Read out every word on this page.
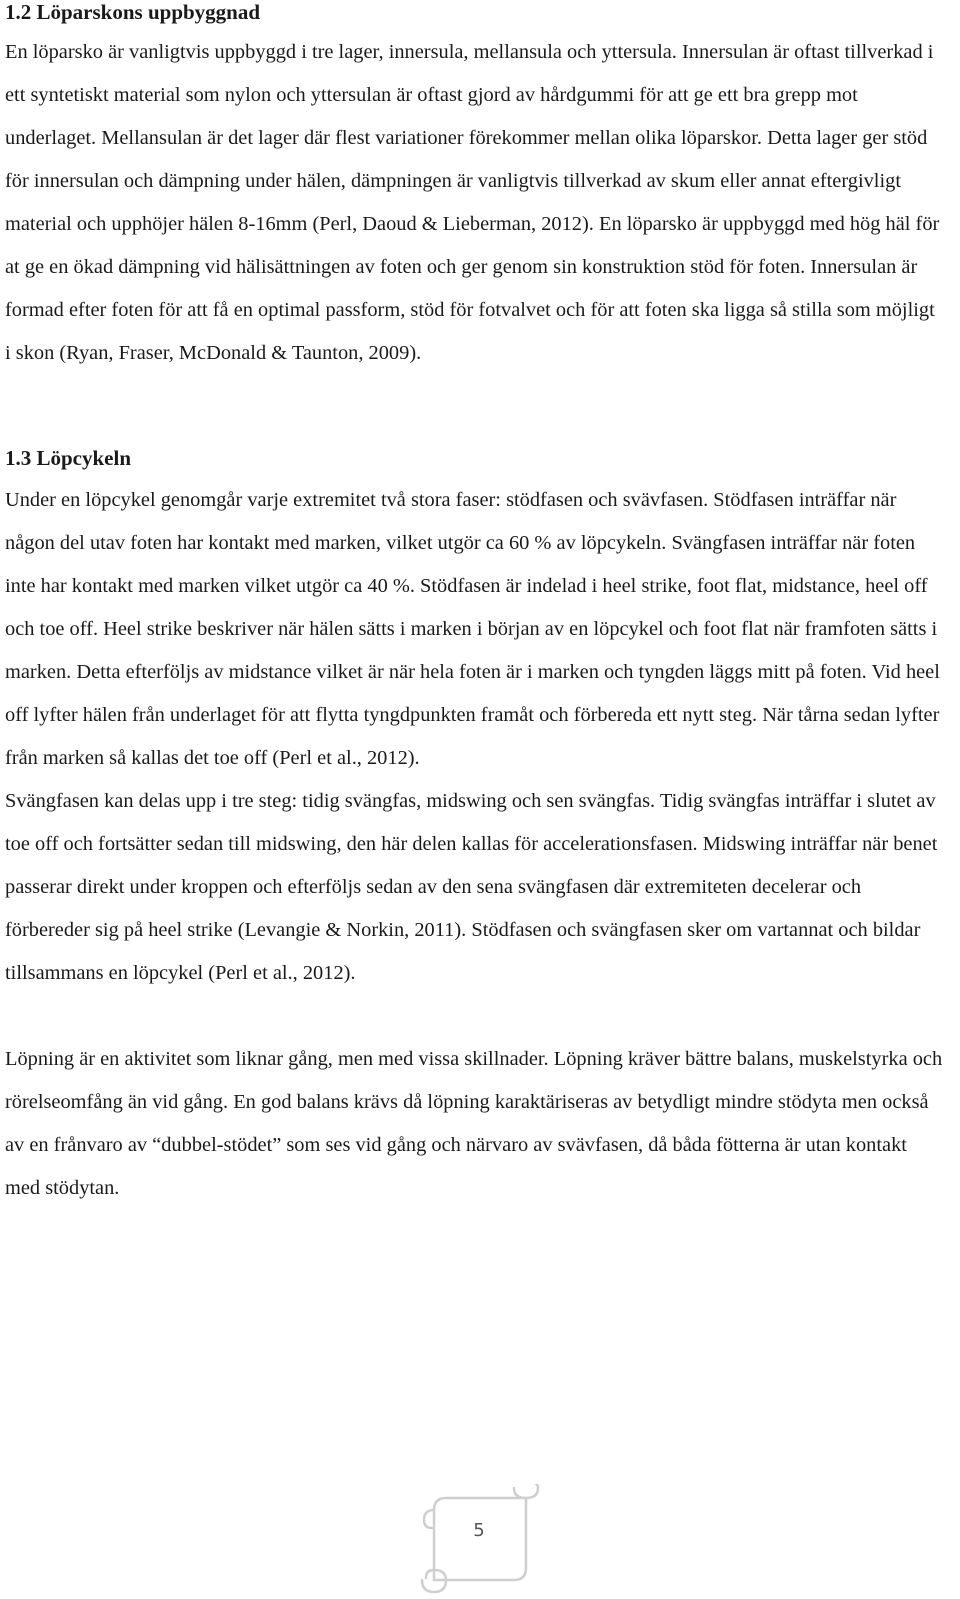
1.2 Löparskons uppbyggnad

En löparsko är vanligtvis uppbyggd i tre lager, innersula, mellansula och yttersula. Innersulan är oftast tillverkad i ett syntetiskt material som nylon och yttersulan är oftast gjord av hårdgummi för att ge ett bra grepp mot underlaget. Mellansulan är det lager där flest variationer förekommer mellan olika löparskor. Detta lager ger stöd för innersulan och dämpning under hälen, dämpningen är vanligtvis tillverkad av skum eller annat eftergivligt material och upphöjer hälen 8-16mm (Perl, Daoud & Lieberman, 2012). En löparsko är uppbyggd med hög häl för at ge en ökad dämpning vid hälisättningen av foten och ger genom sin konstruktion stöd för foten. Innersulan är formad efter foten för att få en optimal passform, stöd för fotvalvet och för att foten ska ligga så stilla som möjligt i skon (Ryan, Fraser, McDonald & Taunton, 2009).

1.3 Löpcykeln

Under en löpcykel genomgår varje extremitet två stora faser: stödfasen och svävfasen. Stödfasen inträffar när någon del utav foten har kontakt med marken, vilket utgör ca 60 % av löpcykeln. Svängfasen inträffar när foten inte har kontakt med marken vilket utgör ca 40 %. Stödfasen är indelad i heel strike, foot flat, midstance, heel off och toe off. Heel strike beskriver när hälen sätts i marken i början av en löpcykel och foot flat när framfoten sätts i marken. Detta efterföljs av midstance vilket är när hela foten är i marken och tyngden läggs mitt på foten. Vid heel off lyfter hälen från underlaget för att flytta tyngdpunkten framåt och förbereda ett nytt steg. När tårna sedan lyfter från marken så kallas det toe off (Perl et al., 2012).

Svängfasen kan delas upp i tre steg: tidig svängfas, midswing och sen svängfas. Tidig svängfas inträffar i slutet av toe off och fortsätter sedan till midswing, den här delen kallas för accelerationsfasen. Midswing inträffar när benet passerar direkt under kroppen och efterföljs sedan av den sena svängfasen där extremiteten decelerar och förbereder sig på heel strike (Levangie & Norkin, 2011). Stödfasen och svängfasen sker om vartannat och bildar tillsammans en löpcykel (Perl et al., 2012).

Löpning är en aktivitet som liknar gång, men med vissa skillnader. Löpning kräver bättre balans, muskelstyrka och rörelseomfång än vid gång. En god balans krävs då löpning karaktäriseras av betydligt mindre stödyta men också av en frånvaro av “dubbel-stödet” som ses vid gång och närvaro av svävfasen, då båda fötterna är utan kontakt med stödytan.

5
